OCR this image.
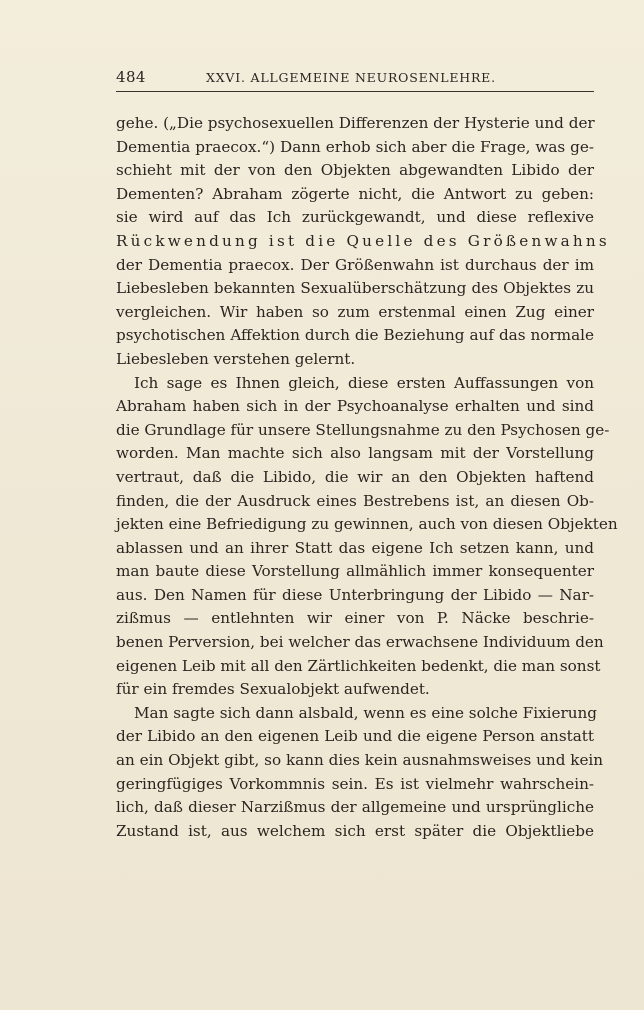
484	XXVI. ALLGEMEINE NEUROSENLEHRE.
gehe. („Die psychosexuellen Differenzen der Hysterie und der
Dementia praecox.“) Dann erhob sich aber die Frage, was ge-
schieht mit der von den Objekten abgewandten Libido der
Dementen? Abraham zögerte nicht, die Antwort zu geben:
sie wird auf das Ich zurückgewandt, und diese reflexive
Rückwendung ist die Quelle des Größenwahns
der Dementia praecox. Der Größenwahn ist durchaus der im
Liebesleben bekannten Sexualüberschätzung des Objektes zu
vergleichen. Wir haben so zum erstenmal einen Zug einer
psychotischen Affektion durch die Beziehung auf das normale
Liebesleben verstehen gelernt.
Ich sage es Ihnen gleich, diese ersten Auffassungen von
Abraham haben sich in der Psychoanalyse erhalten und sind
die Grundlage für unsere Stellungsnahme zu den Psychosen ge-
worden. Man machte sich also langsam mit der Vorstellung
vertraut, daß die Libido, die wir an den Objekten haftend
finden, die der Ausdruck eines Bestrebens ist, an diesen Ob-
jekten eine Befriedigung zu gewinnen, auch von diesen Objekten
ablassen und an ihrer Statt das eigene Ich setzen kann, und
man baute diese Vorstellung allmählich immer konsequenter
aus. Den Namen für diese Unterbringung der Libido — Nar-
zißmus — entlehnten wir einer von P. Näcke beschrie-
benen Perversion, bei welcher das erwachsene Individuum den
eigenen Leib mit all den Zärtlichkeiten bedenkt, die man sonst
für ein fremdes Sexualobjekt aufwendet.
Man sagte sich dann alsbald, wenn es eine solche Fixierung
der Libido an den eigenen Leib und die eigene Person anstatt
an ein Objekt gibt, so kann dies kein ausnahmsweises und kein
geringfügiges Vorkommnis sein. Es ist vielmehr wahrschein-
lich, daß dieser Narzißmus der allgemeine und ursprüngliche
Zustand ist, aus welchem sich erst später die Objektliebe
